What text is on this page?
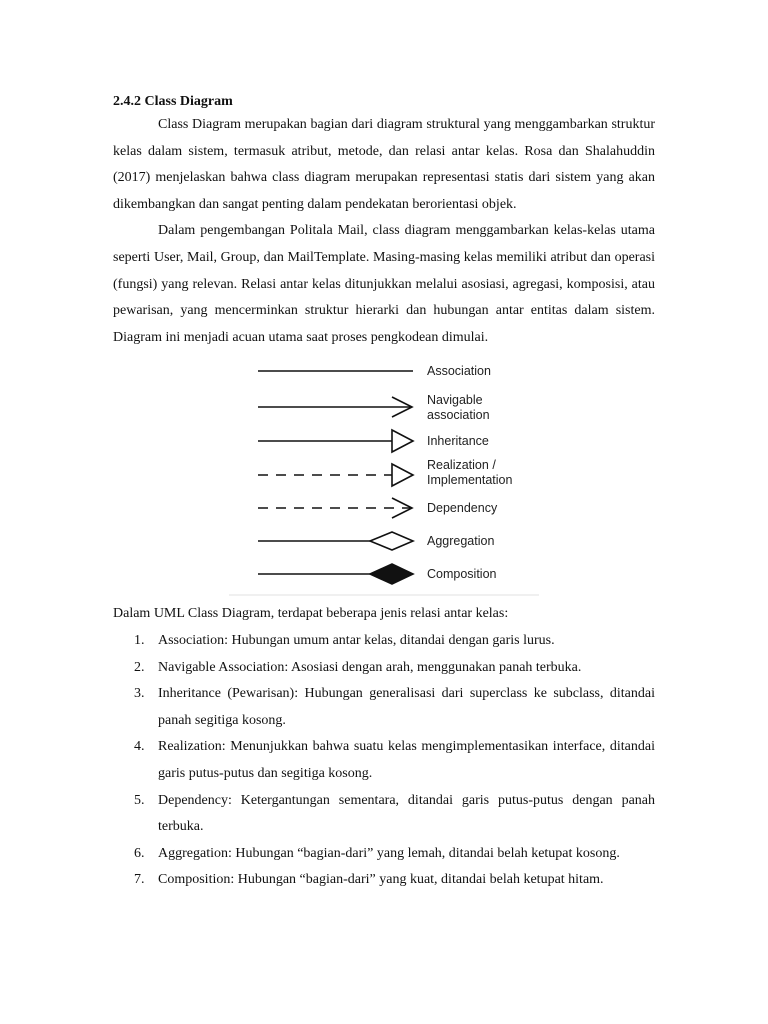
2.4.2 Class Diagram

Class Diagram merupakan bagian dari diagram struktural yang menggambarkan struktur kelas dalam sistem, termasuk atribut, metode, dan relasi antar kelas. Rosa dan Shalahuddin (2017) menjelaskan bahwa class diagram merupakan representasi statis dari sistem yang akan dikembangkan dan sangat penting dalam pendekatan berorientasi objek.

Dalam pengembangan Politala Mail, class diagram menggambarkan kelas-kelas utama seperti User, Mail, Group, dan MailTemplate. Masing-masing kelas memiliki atribut dan operasi (fungsi) yang relevan. Relasi antar kelas ditunjukkan melalui asosiasi, agregasi, komposisi, atau pewarisan, yang mencerminkan struktur hierarki dan hubungan antar entitas dalam sistem. Diagram ini menjadi acuan utama saat proses pengkodean dimulai.

Association
Navigable
association
Inheritance
Realization /
Implementation
Dependency
Aggregation
Composition

Dalam UML Class Diagram, terdapat beberapa jenis relasi antar kelas:

1. Association: Hubungan umum antar kelas, ditandai dengan garis lurus.
2. Navigable Association: Asosiasi dengan arah, menggunakan panah terbuka.
3. Inheritance (Pewarisan): Hubungan generalisasi dari superclass ke subclass, ditandai panah segitiga kosong.
4. Realization: Menunjukkan bahwa suatu kelas mengimplementasikan interface, ditandai garis putus-putus dan segitiga kosong.
5. Dependency: Ketergantungan sementara, ditandai garis putus-putus dengan panah terbuka.
6. Aggregation: Hubungan “bagian-dari” yang lemah, ditandai belah ketupat kosong.
7. Composition: Hubungan “bagian-dari” yang kuat, ditandai belah ketupat hitam.
